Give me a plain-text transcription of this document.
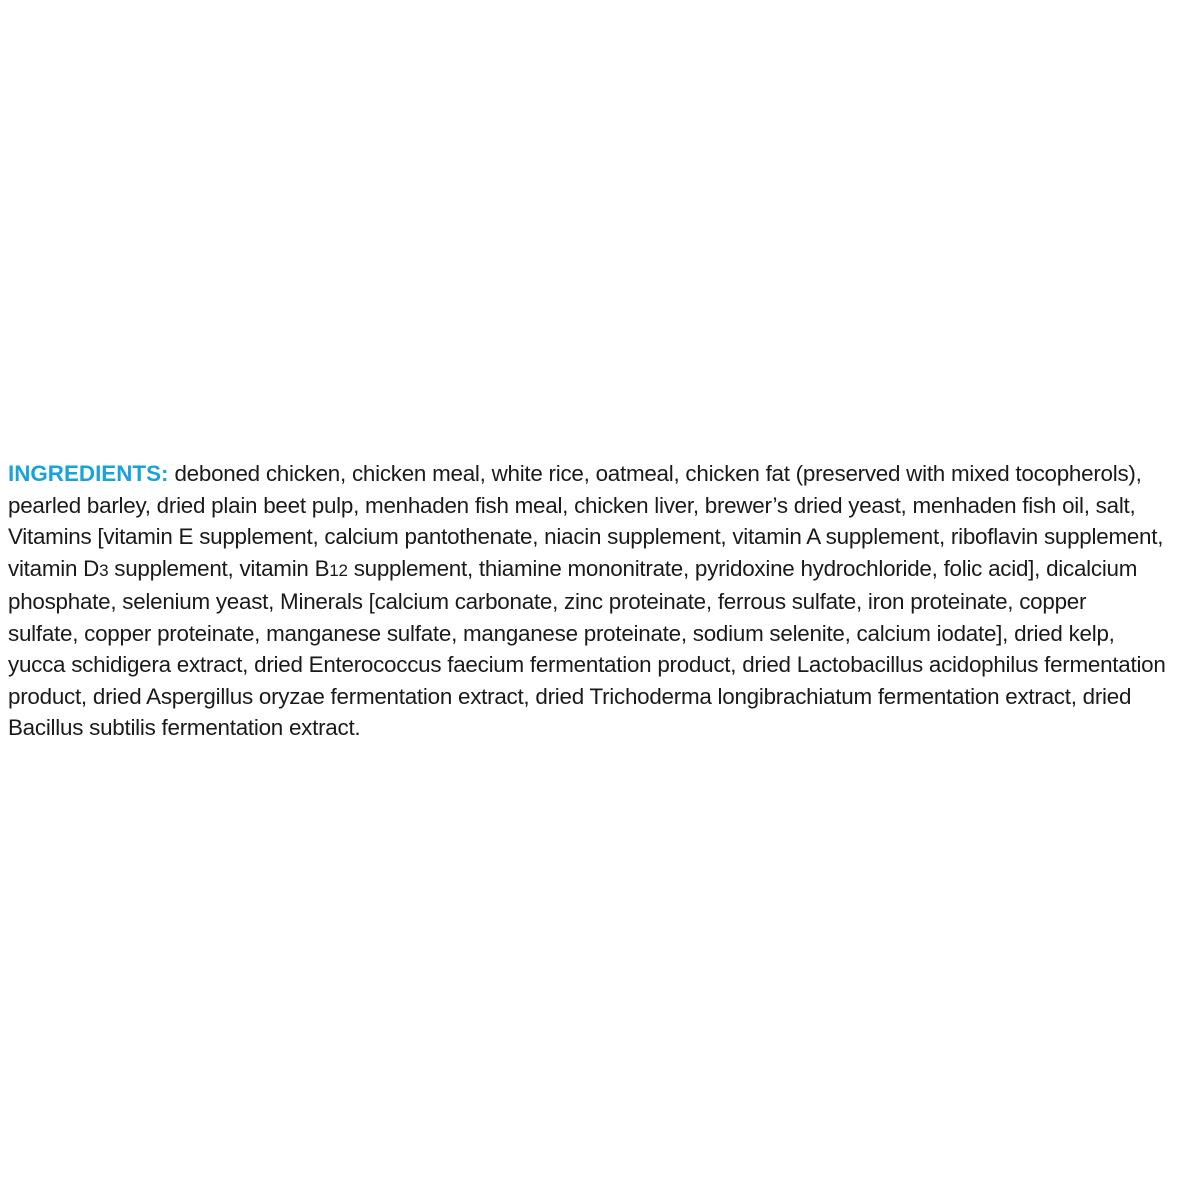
INGREDIENTS: deboned chicken, chicken meal, white rice, oatmeal, chicken fat (preserved with mixed tocopherols),
pearled barley, dried plain beet pulp, menhaden fish meal, chicken liver, brewer’s dried yeast, menhaden fish oil, salt,
Vitamins [vitamin E supplement, calcium pantothenate, niacin supplement, vitamin A supplement, riboflavin supplement,
vitamin D3 supplement, vitamin B12 supplement, thiamine mononitrate, pyridoxine hydrochloride, folic acid], dicalcium
phosphate, selenium yeast, Minerals [calcium carbonate, zinc proteinate, ferrous sulfate, iron proteinate, copper
sulfate, copper proteinate, manganese sulfate, manganese proteinate, sodium selenite, calcium iodate], dried kelp,
yucca schidigera extract, dried Enterococcus faecium fermentation product, dried Lactobacillus acidophilus fermentation
product, dried Aspergillus oryzae fermentation extract, dried Trichoderma longibrachiatum fermentation extract, dried
Bacillus subtilis fermentation extract.
